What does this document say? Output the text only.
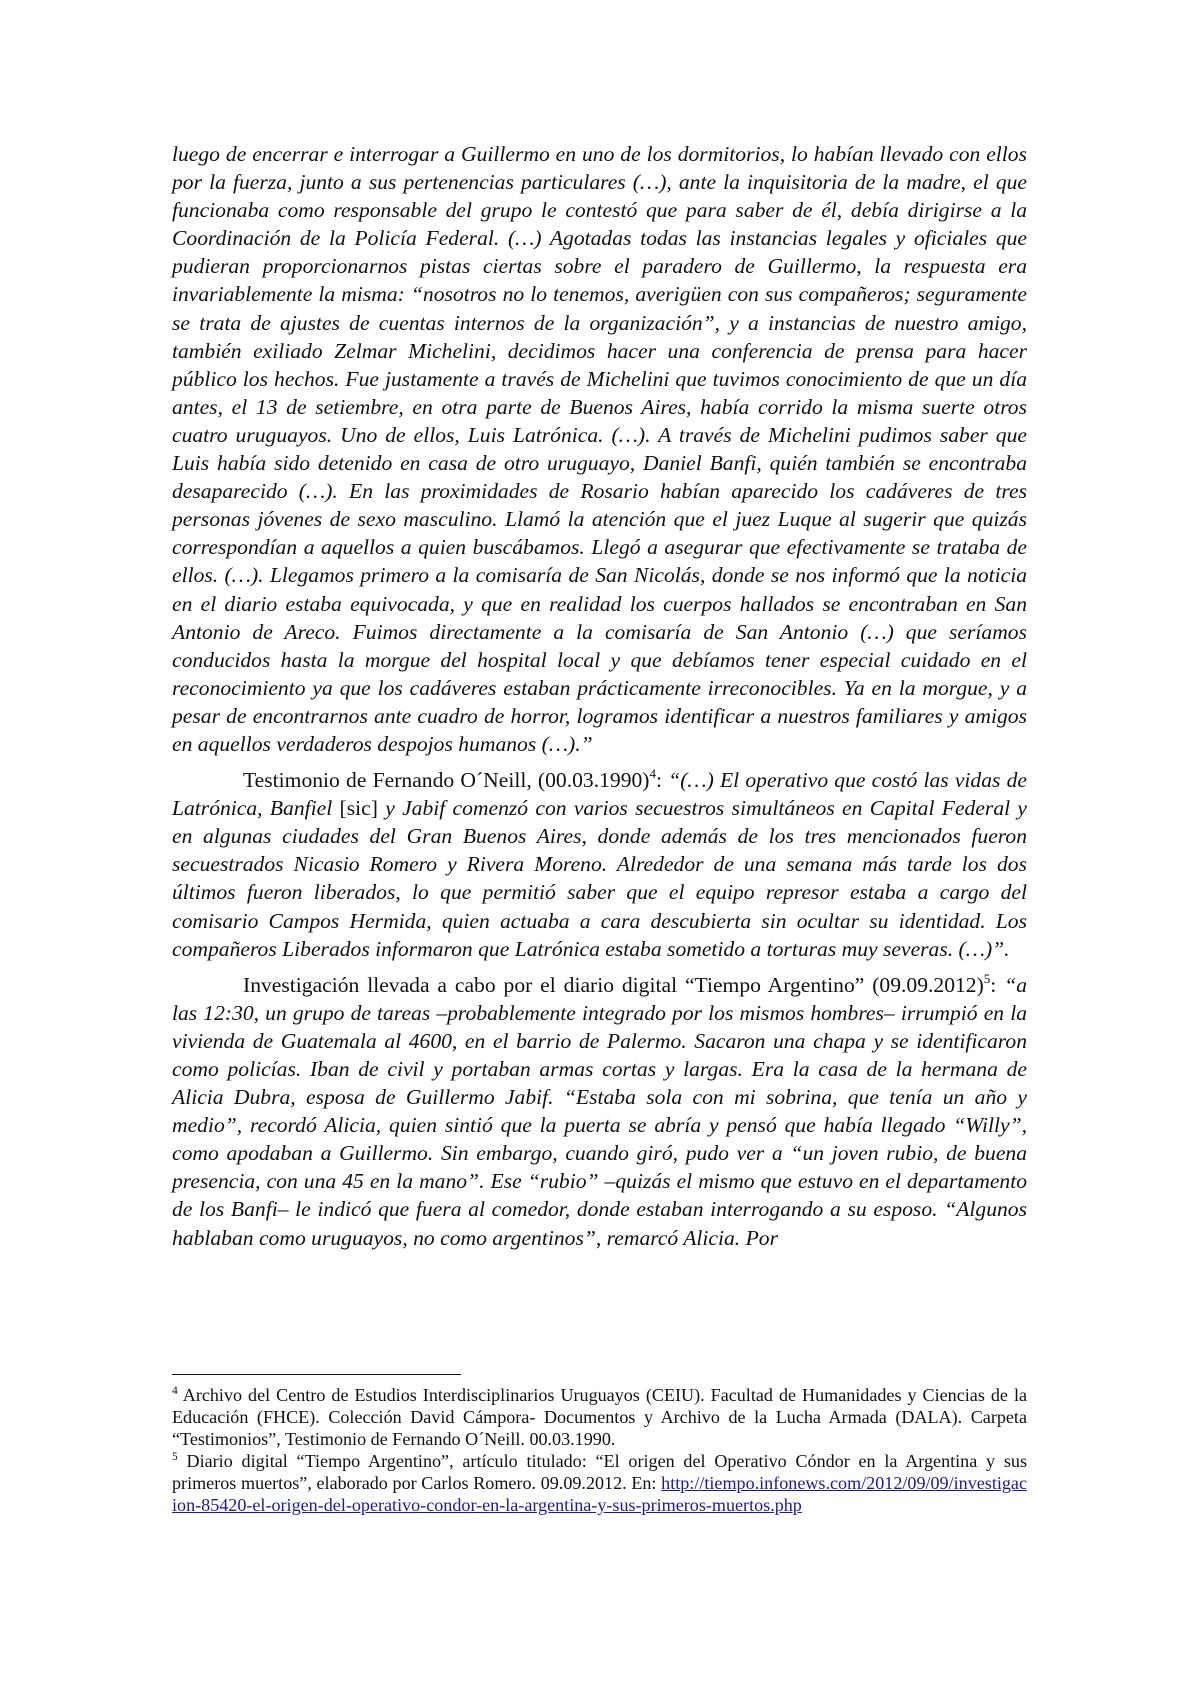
luego de encerrar e interrogar a Guillermo en uno de los dormitorios, lo habían llevado con ellos por la fuerza, junto a sus pertenencias particulares (…), ante la inquisitoria de la madre, el que funcionaba como responsable del grupo le contestó que para saber de él, debía dirigirse a la Coordinación de la Policía Federal. (…) Agotadas todas las instancias legales y oficiales que pudieran proporcionarnos pistas ciertas sobre el paradero de Guillermo, la respuesta era invariablemente la misma: “nosotros no lo tenemos, averigüen con sus compañeros; seguramente se trata de ajustes de cuentas internos de la organización”, y a instancias de nuestro amigo, también exiliado Zelmar Michelini, decidimos hacer una conferencia de prensa para hacer público los hechos. Fue justamente a través de Michelini que tuvimos conocimiento de que un día antes, el 13 de setiembre, en otra parte de Buenos Aires, había corrido la misma suerte otros cuatro uruguayos. Uno de ellos, Luis Latrónica. (…). A través de Michelini pudimos saber que Luis había sido detenido en casa de otro uruguayo, Daniel Banfi, quién también se encontraba desaparecido (…). En las proximidades de Rosario habían aparecido los cadáveres de tres personas jóvenes de sexo masculino. Llamó la atención que el juez Luque al sugerir que quizás correspondían a aquellos a quien buscábamos. Llegó a asegurar que efectivamente se trataba de ellos. (…). Llegamos primero a la comisaría de San Nicolás, donde se nos informó que la noticia en el diario estaba equivocada, y que en realidad los cuerpos hallados se encontraban en San Antonio de Areco. Fuimos directamente a la comisaría de San Antonio (…) que seríamos conducidos hasta la morgue del hospital local y que debíamos tener especial cuidado en el reconocimiento ya que los cadáveres estaban prácticamente irreconocibles. Ya en la morgue, y a pesar de encontrarnos ante cuadro de horror, logramos identificar a nuestros familiares y amigos en aquellos verdaderos despojos humanos (…).”

Testimonio de Fernando O´Neill, (00.03.1990)$^4$: “(…) El operativo que costó las vidas de Latrónica, Banfiel [sic] y Jabif comenzó con varios secuestros simultáneos en Capital Federal y en algunas ciudades del Gran Buenos Aires, donde además de los tres mencionados fueron secuestrados Nicasio Romero y Rivera Moreno. Alrededor de una semana más tarde los dos últimos fueron liberados, lo que permitió saber que el equipo represor estaba a cargo del comisario Campos Hermida, quien actuaba a cara descubierta sin ocultar su identidad. Los compañeros Liberados informaron que Latrónica estaba sometido a torturas muy severas. (…)”.

Investigación llevada a cabo por el diario digital “Tiempo Argentino” (09.09.2012)$^5$: “a las 12:30, un grupo de tareas –probablemente integrado por los mismos hombres– irrumpió en la vivienda de Guatemala al 4600, en el barrio de Palermo. Sacaron una chapa y se identificaron como policías. Iban de civil y portaban armas cortas y largas. Era la casa de la hermana de Alicia Dubra, esposa de Guillermo Jabif. “Estaba sola con mi sobrina, que tenía un año y medio”, recordó Alicia, quien sintió que la puerta se abría y pensó que había llegado “Willy”, como apodaban a Guillermo. Sin embargo, cuando giró, pudo ver a “un joven rubio, de buena presencia, con una 45 en la mano”. Ese “rubio” –quizás el mismo que estuvo en el departamento de los Banfi– le indicó que fuera al comedor, donde estaban interrogando a su esposo. “Algunos hablaban como uruguayos, no como argentinos”, remarcó Alicia. Por

$^4$ Archivo del Centro de Estudios Interdisciplinarios Uruguayos (CEIU). Facultad de Humanidades y Ciencias de la Educación (FHCE). Colección David Cámpora- Documentos y Archivo de la Lucha Armada (DALA). Carpeta “Testimonios”, Testimonio de Fernando O´Neill. 00.03.1990.

$^5$ Diario digital “Tiempo Argentino”, artículo titulado: “El origen del Operativo Cóndor en la Argentina y sus primeros muertos”, elaborado por Carlos Romero. 09.09.2012. En: http://tiempo.infonews.com/2012/09/09/investigacion-85420-el-origen-del-operativo-condor-en-la-argentina-y-sus-primeros-muertos.php
